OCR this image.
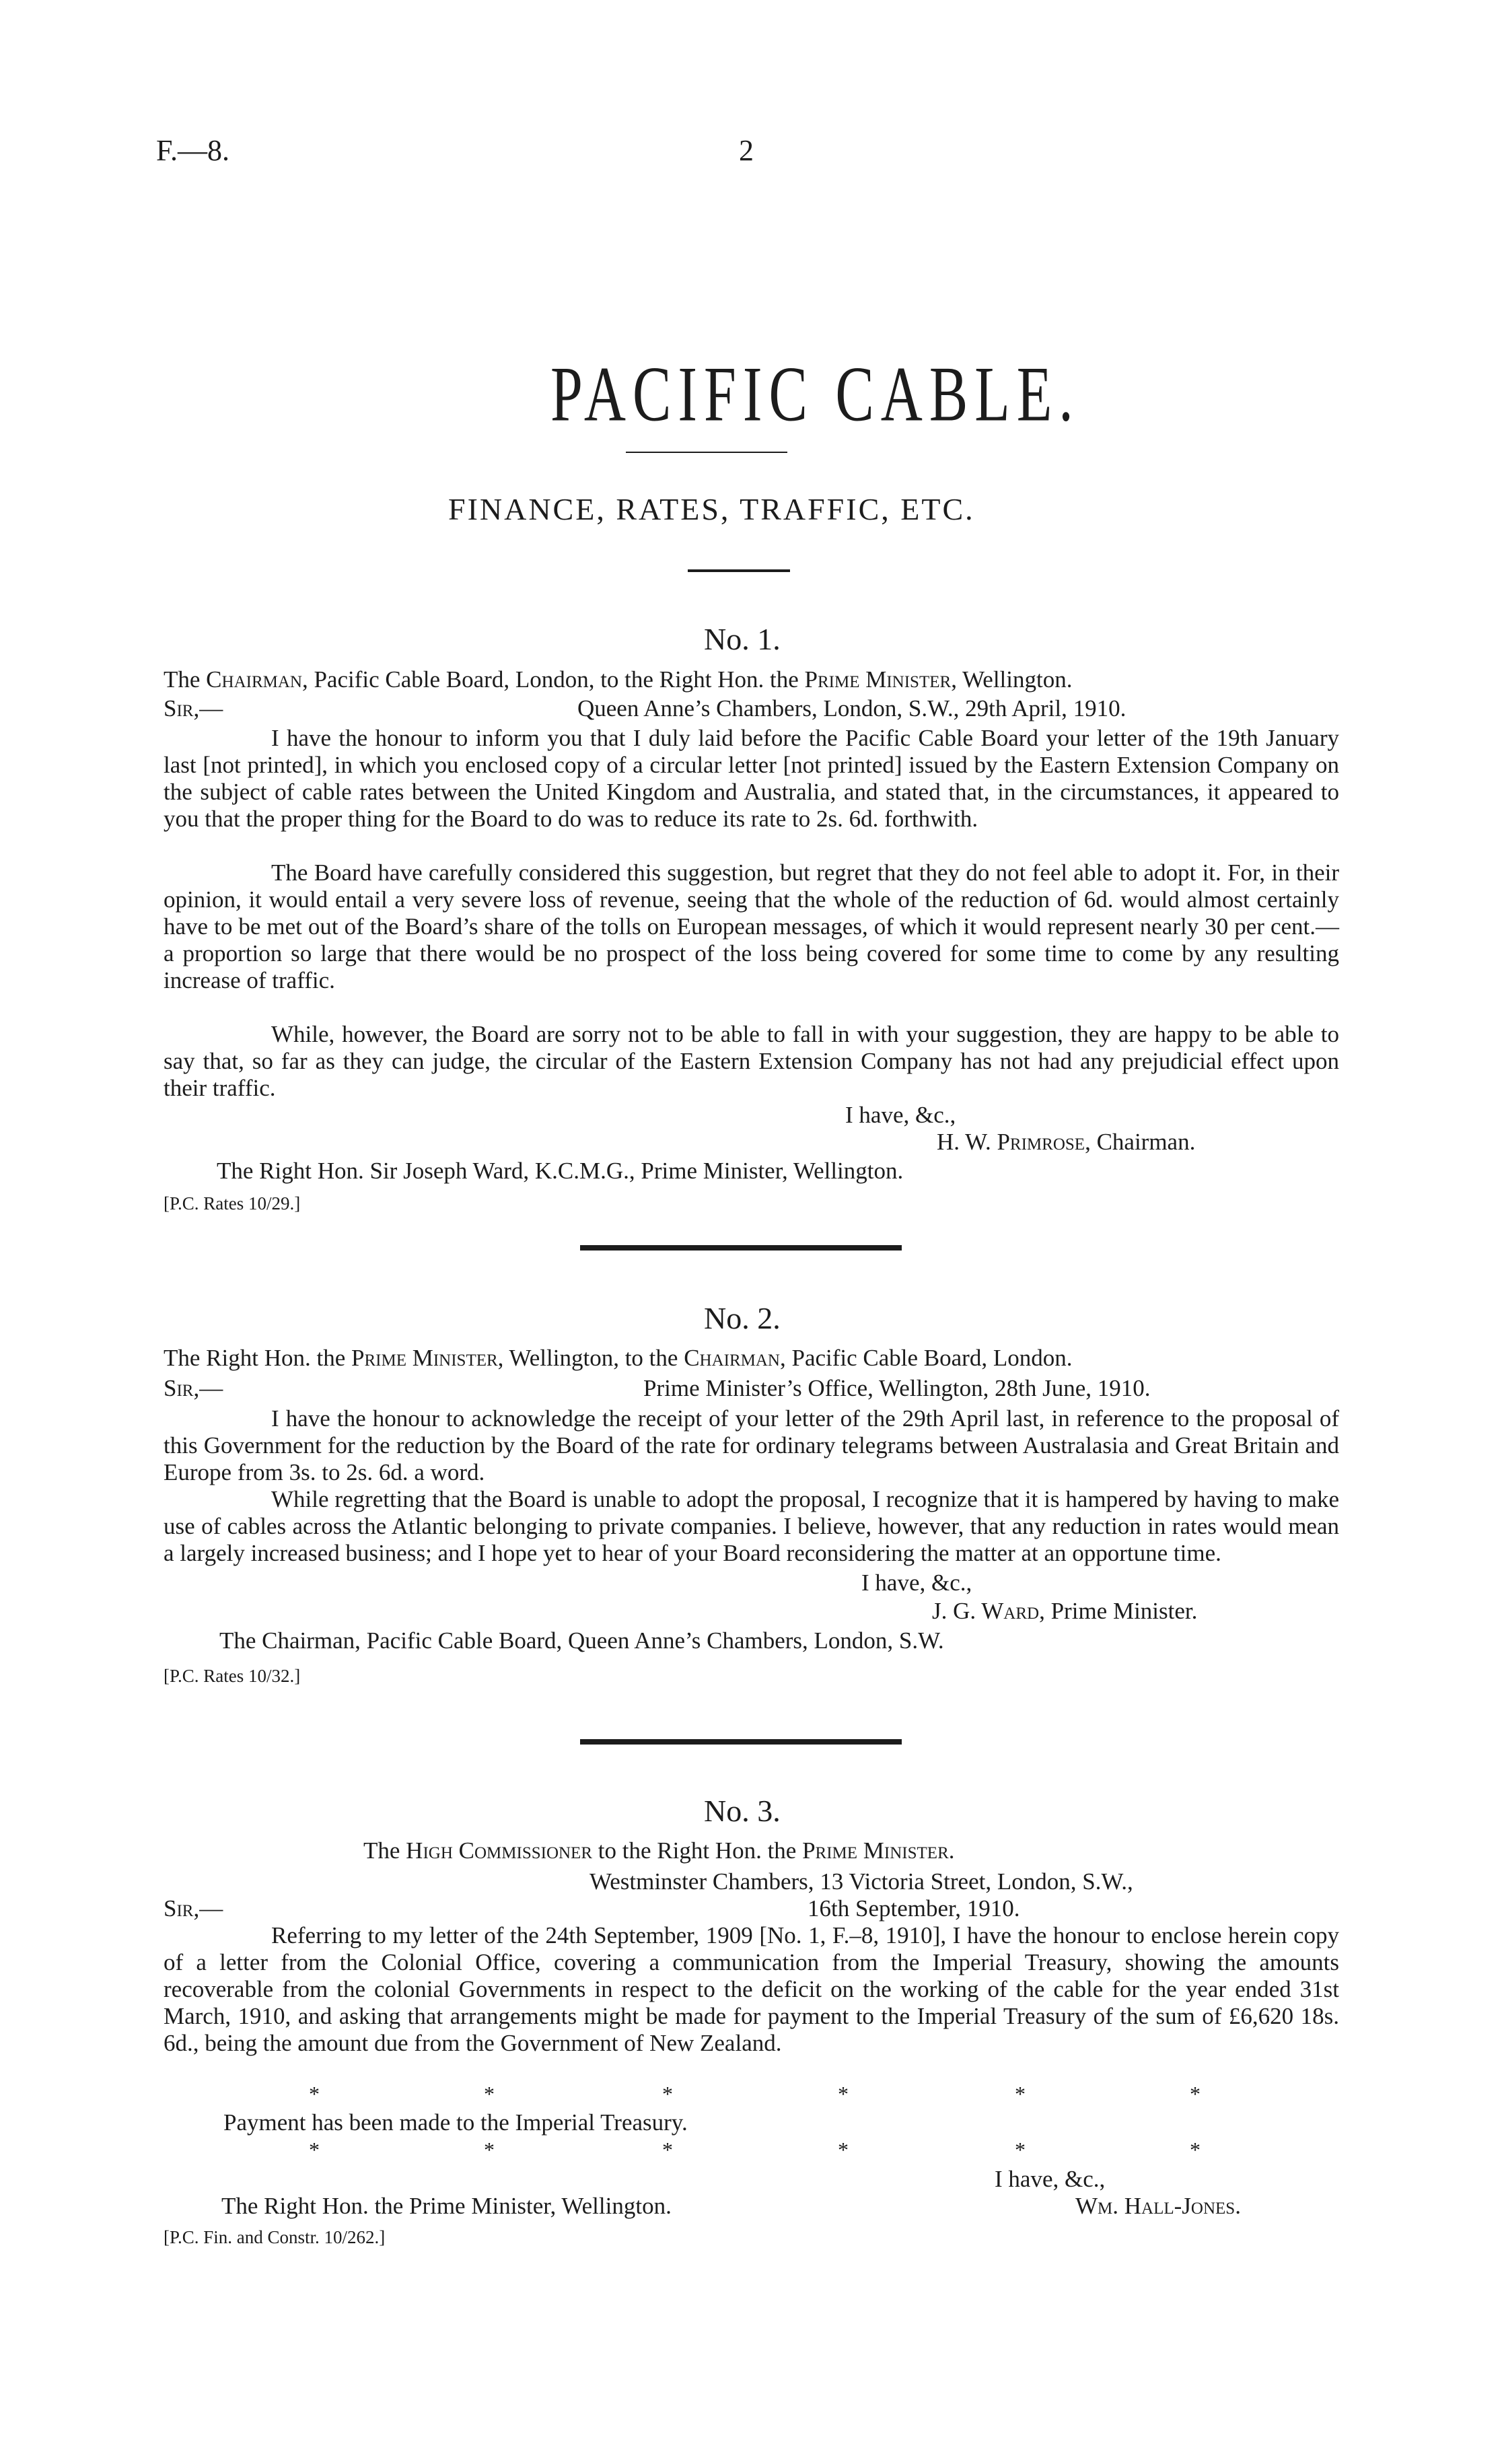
F.—8.	2
PACIFIC CABLE.
FINANCE, RATES, TRAFFIC, ETC.
No. 1.
The Chairman, Pacific Cable Board, London, to the Right Hon. the Prime Minister, Wellington.
Sir,—	Queen Anne’s Chambers, London, S.W., 29th April, 1910.
I have the honour to inform you that I duly laid before the Pacific Cable Board your letter of the 19th January last [not printed], in which you enclosed copy of a circular letter [not printed] issued by the Eastern Extension Company on the subject of cable rates between the United Kingdom and Australia, and stated that, in the circumstances, it appeared to you that the proper thing for the Board to do was to reduce its rate to 2s. 6d. forthwith.
The Board have carefully considered this suggestion, but regret that they do not feel able to adopt it. For, in their opinion, it would entail a very severe loss of revenue, seeing that the whole of the reduction of 6d. would almost certainly have to be met out of the Board’s share of the tolls on European messages, of which it would represent nearly 30 per cent.—a proportion so large that there would be no prospect of the loss being covered for some time to come by any resulting increase of traffic.
While, however, the Board are sorry not to be able to fall in with your suggestion, they are happy to be able to say that, so far as they can judge, the circular of the Eastern Extension Company has not had any prejudicial effect upon their traffic.
I have, &c.,
H. W. Primrose, Chairman.
The Right Hon. Sir Joseph Ward, K.C.M.G., Prime Minister, Wellington.
[P.C. Rates 10/29.]
No. 2.
The Right Hon. the Prime Minister, Wellington, to the Chairman, Pacific Cable Board, London.
Sir,—	Prime Minister’s Office, Wellington, 28th June, 1910.
I have the honour to acknowledge the receipt of your letter of the 29th April last, in reference to the proposal of this Government for the reduction by the Board of the rate for ordinary telegrams between Australasia and Great Britain and Europe from 3s. to 2s. 6d. a word.
While regretting that the Board is unable to adopt the proposal, I recognize that it is hampered by having to make use of cables across the Atlantic belonging to private companies. I believe, however, that any reduction in rates would mean a largely increased business; and I hope yet to hear of your Board reconsidering the matter at an opportune time.
I have, &c.,
J. G. Ward, Prime Minister.
The Chairman, Pacific Cable Board, Queen Anne’s Chambers, London, S.W.
[P.C. Rates 10/32.]
No. 3.
The High Commissioner to the Right Hon. the Prime Minister.
Westminster Chambers, 13 Victoria Street, London, S.W.,
Sir,—	16th September, 1910.
Referring to my letter of the 24th September, 1909 [No. 1, F.–8, 1910], I have the honour to enclose herein copy of a letter from the Colonial Office, covering a communication from the Imperial Treasury, showing the amounts recoverable from the colonial Governments in respect to the deficit on the working of the cable for the year ended 31st March, 1910, and asking that arrangements might be made for payment to the Imperial Treasury of the sum of £6,620 18s. 6d., being the amount due from the Government of New Zealand.
*	*	*	*	*	*
Payment has been made to the Imperial Treasury.
*	*	*	*	*	*
I have, &c.,
The Right Hon. the Prime Minister, Wellington.	Wm. Hall-Jones.
[P.C. Fin. and Constr. 10/262.]
